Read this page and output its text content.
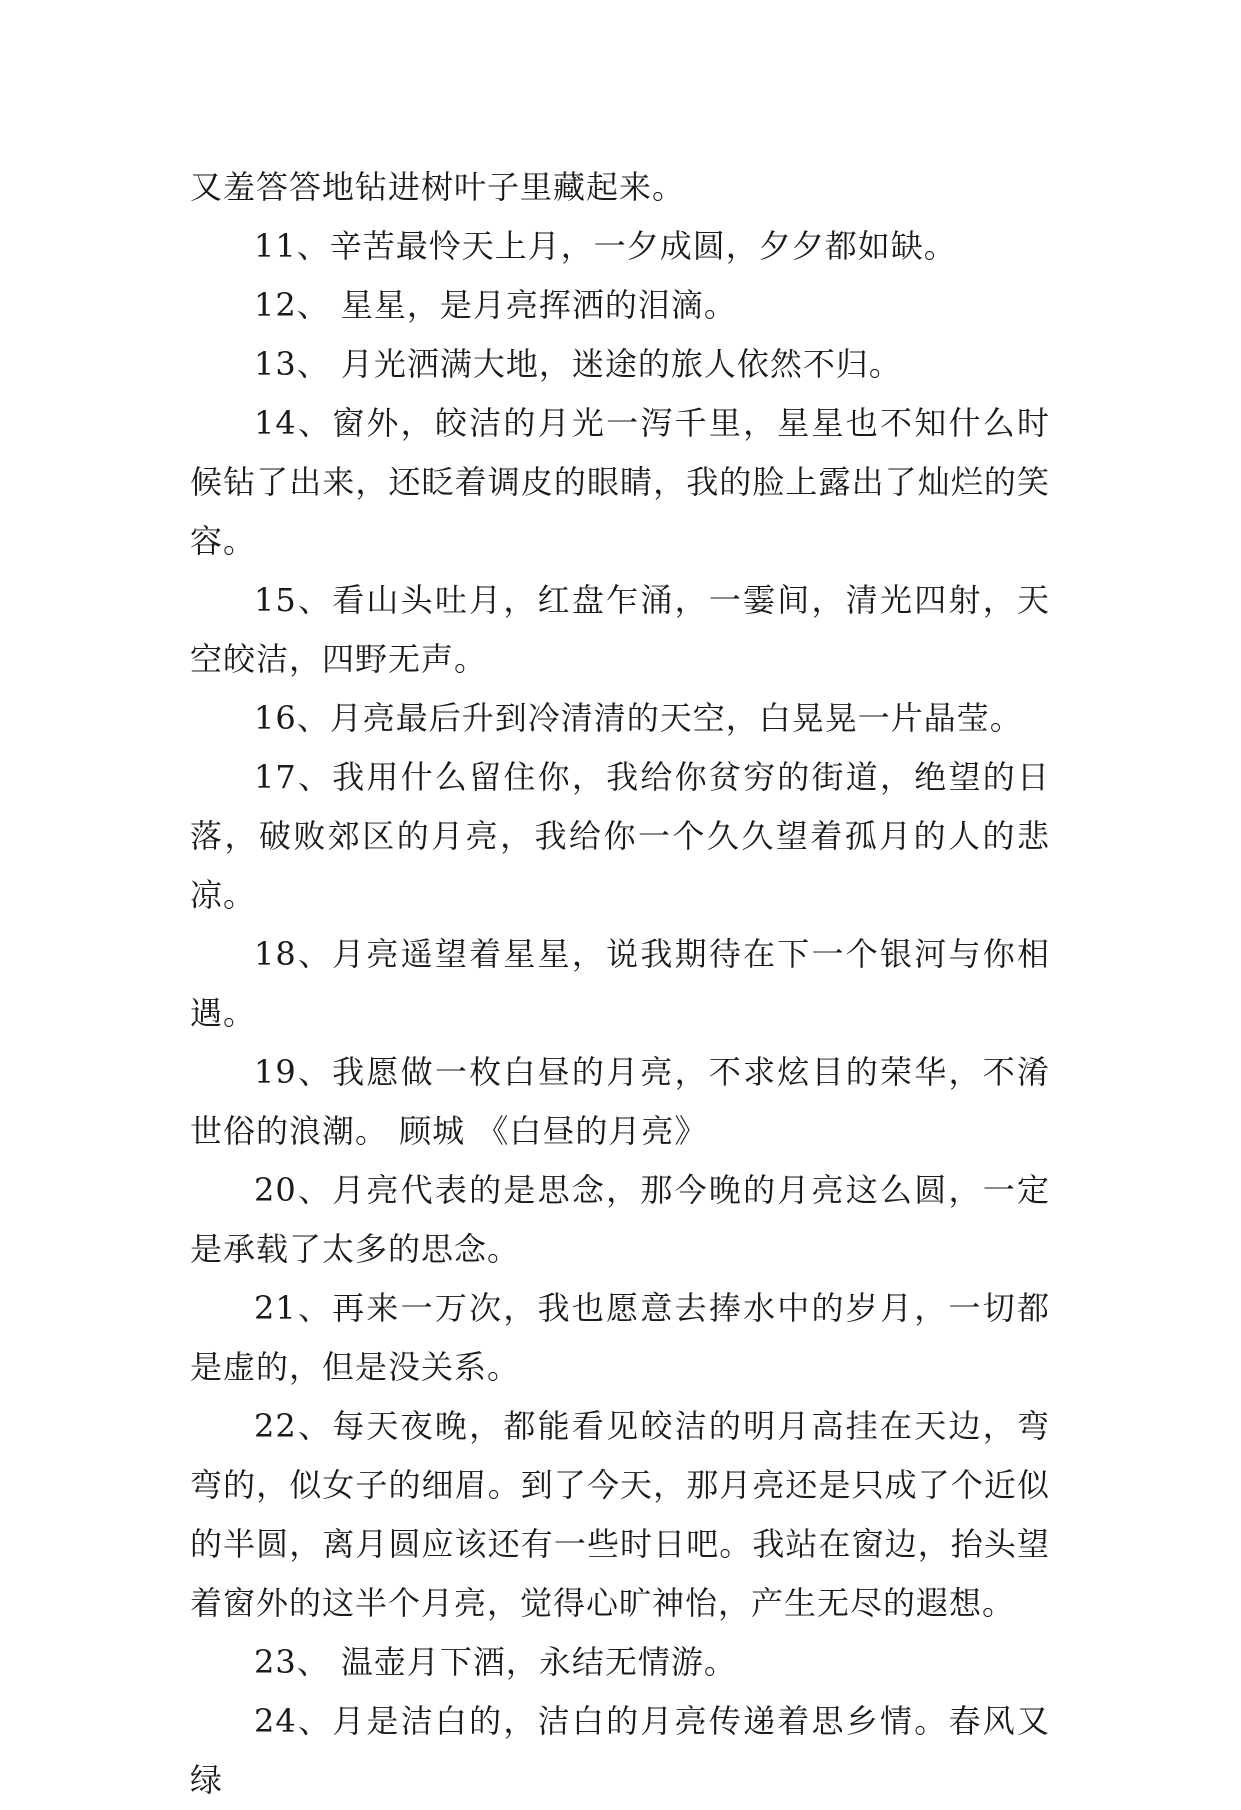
又羞答答地钻进树叶子里藏起来。

11、辛苦最怜天上月，一夕成圆，夕夕都如缺。

12、 星星，是月亮挥洒的泪滴。

13、 月光洒满大地，迷途的旅人依然不归。

14、窗外，皎洁的月光一泻千里，星星也不知什么时候钻了出来，还眨着调皮的眼睛，我的脸上露出了灿烂的笑容。

15、看山头吐月，红盘乍涌，一霎间，清光四射，天空皎洁，四野无声。

16、月亮最后升到冷清清的天空，白晃晃一片晶莹。

17、我用什么留住你，我给你贫穷的街道，绝望的日落，破败郊区的月亮，我给你一个久久望着孤月的人的悲凉。

18、月亮遥望着星星，说我期待在下一个银河与你相遇。

19、我愿做一枚白昼的月亮，不求炫目的荣华，不淆世俗的浪潮。 顾城 《白昼的月亮》

20、月亮代表的是思念，那今晚的月亮这么圆，一定是承载了太多的思念。

21、再来一万次，我也愿意去捧水中的岁月，一切都是虚的，但是没关系。

22、每天夜晚，都能看见皎洁的明月高挂在天边，弯弯的，似女子的细眉。到了今天，那月亮还是只成了个近似的半圆，离月圆应该还有一些时日吧。我站在窗边，抬头望着窗外的这半个月亮，觉得心旷神怡，产生无尽的遐想。

23、 温壶月下酒，永结无情游。

24、月是洁白的，洁白的月亮传递着思乡情。春风又绿
